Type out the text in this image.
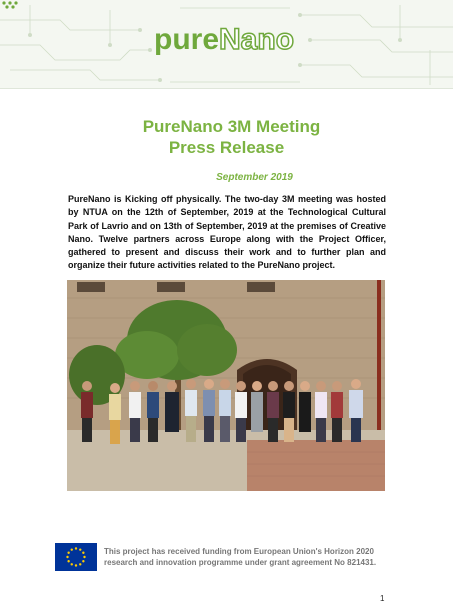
pureNano
PureNano 3M Meeting
Press Release
September 2019
PureNano is Kicking off physically. The two-day 3M meeting was hosted by NTUA on the 12th of September, 2019 at the Technological Cultural Park of Lavrio and on 13th of September, 2019 at the premises of Creative Nano. Twelve partners across Europe along with the Project Officer, gathered to present and discuss their work and to further plan and organize their future activities related to the PureNano project.
This project has received funding from European Union's Horizon 2020
research and innovation programme under grant agreement No 821431.
1
